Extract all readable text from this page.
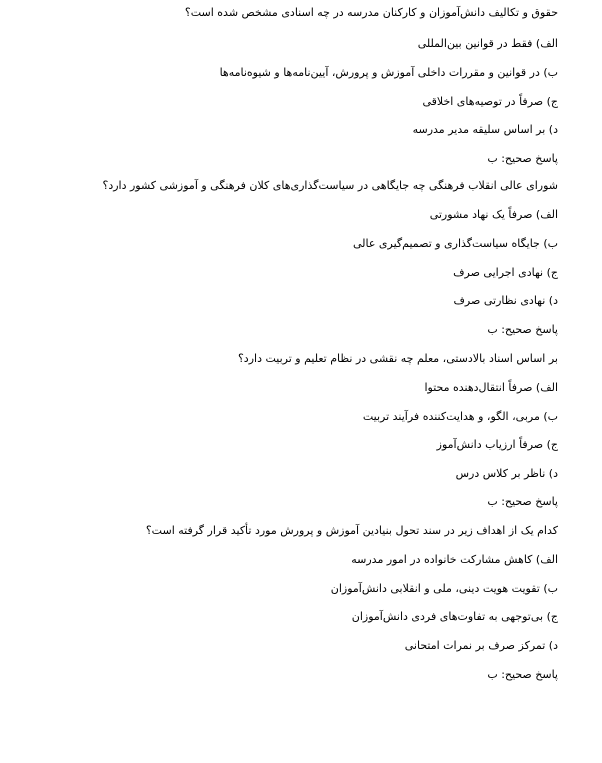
حقوق و تکالیف دانش‌آموزان و کارکنان مدرسه در چه اسنادی مشخص شده است؟
الف) فقط در قوانین بین‌المللی
ب) در قوانین و مقررات داخلی آموزش و پرورش، آیین‌نامه‌ها و شیوه‌نامه‌ها
ج) صرفاً در توصیه‌های اخلاقی
د) بر اساس سلیقه مدیر مدرسه
پاسخ صحیح: ب
شورای عالی انقلاب فرهنگی چه جایگاهی در سیاست‌گذاری‌های کلان فرهنگی و آموزشی کشور دارد؟
الف) صرفاً یک نهاد مشورتی
ب) جایگاه سیاست‌گذاری و تصمیم‌گیری عالی
ج) نهادی اجرایی صرف
د) نهادی نظارتی صرف
پاسخ صحیح: ب
بر اساس اسناد بالادستی، معلم چه نقشی در نظام تعلیم و تربیت دارد؟
الف) صرفاً انتقال‌دهنده محتوا
ب) مربی، الگو، و هدایت‌کننده فرآیند تربیت
ج) صرفاً ارزیاب دانش‌آموز
د) ناظر بر کلاس درس
پاسخ صحیح: ب
کدام یک از اهداف زیر در سند تحول بنیادین آموزش و پرورش مورد تأکید قرار گرفته است؟
الف) کاهش مشارکت خانواده در امور مدرسه
ب) تقویت هویت دینی، ملی و انقلابی دانش‌آموزان
ج) بی‌توجهی به تفاوت‌های فردی دانش‌آموزان
د) تمرکز صرف بر نمرات امتحانی
پاسخ صحیح: ب
